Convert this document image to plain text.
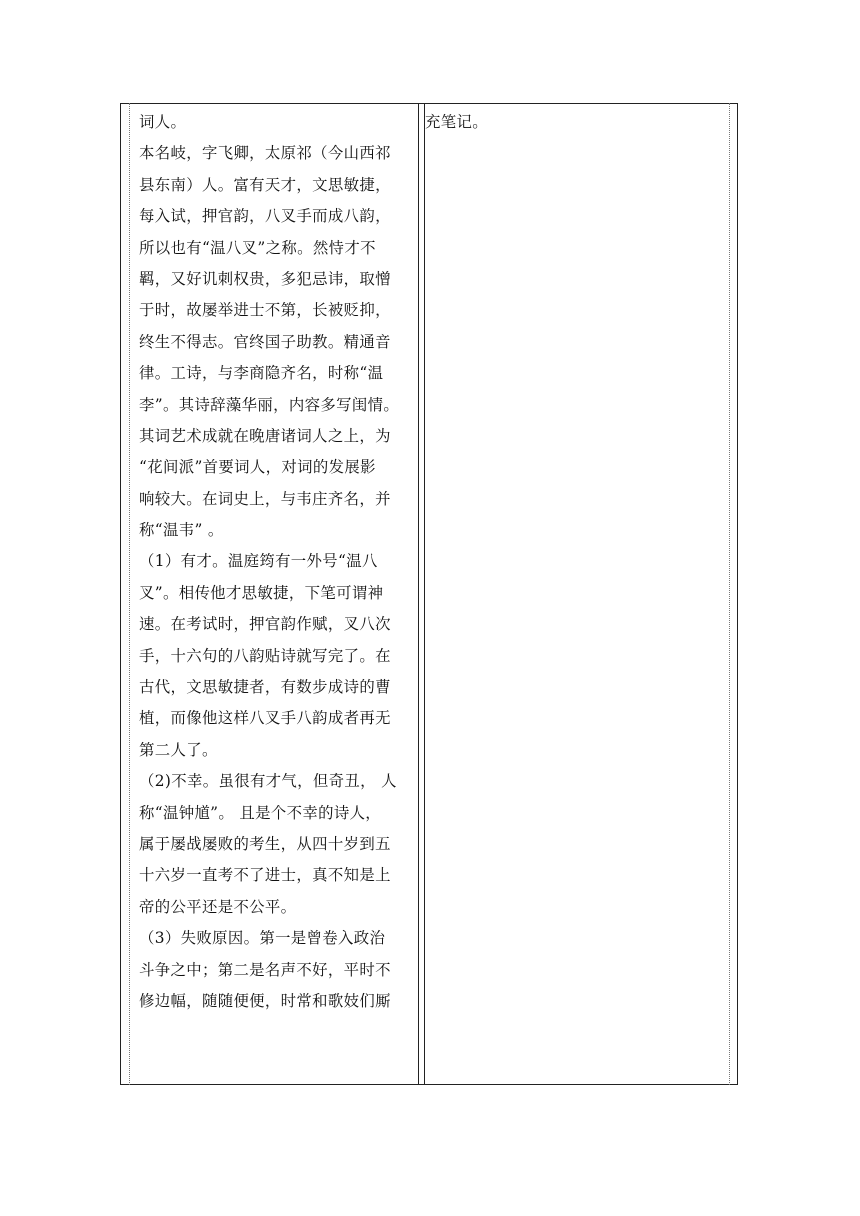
词人。
本名岐，字飞卿，太原祁（今山西祁
县东南）人。富有天才，文思敏捷，
每入试，押官韵，八叉手而成八韵，
所以也有“温八叉”之称。然恃才不
羁，又好讥刺权贵，多犯忌讳，取憎
于时，故屡举进士不第，长被贬抑，
终生不得志。官终国子助教。精通音
律。工诗，与李商隐齐名，时称“温
李”。其诗辞藻华丽，内容多写闺情。
其词艺术成就在晚唐诸词人之上，为
“花间派”首要词人，对词的发展影
响较大。在词史上，与韦庄齐名，并
称“温韦” 。
（1）有才。温庭筠有一外号“温八
叉”。相传他才思敏捷，下笔可谓神
速。在考试时，押官韵作赋，叉八次
手，十六句的八韵贴诗就写完了。在
古代，文思敏捷者，有数步成诗的曹
植，而像他这样八叉手八韵成者再无
第二人了。
（2)不幸。虽很有才气，但奇丑， 人
称“温钟馗”。 且是个不幸的诗人，
属于屡战屡败的考生，从四十岁到五
十六岁一直考不了进士，真不知是上
帝的公平还是不公平。
（3）失败原因。第一是曾卷入政治
斗争之中；第二是名声不好，平时不
修边幅，随随便便，时常和歌妓们厮
充笔记。
